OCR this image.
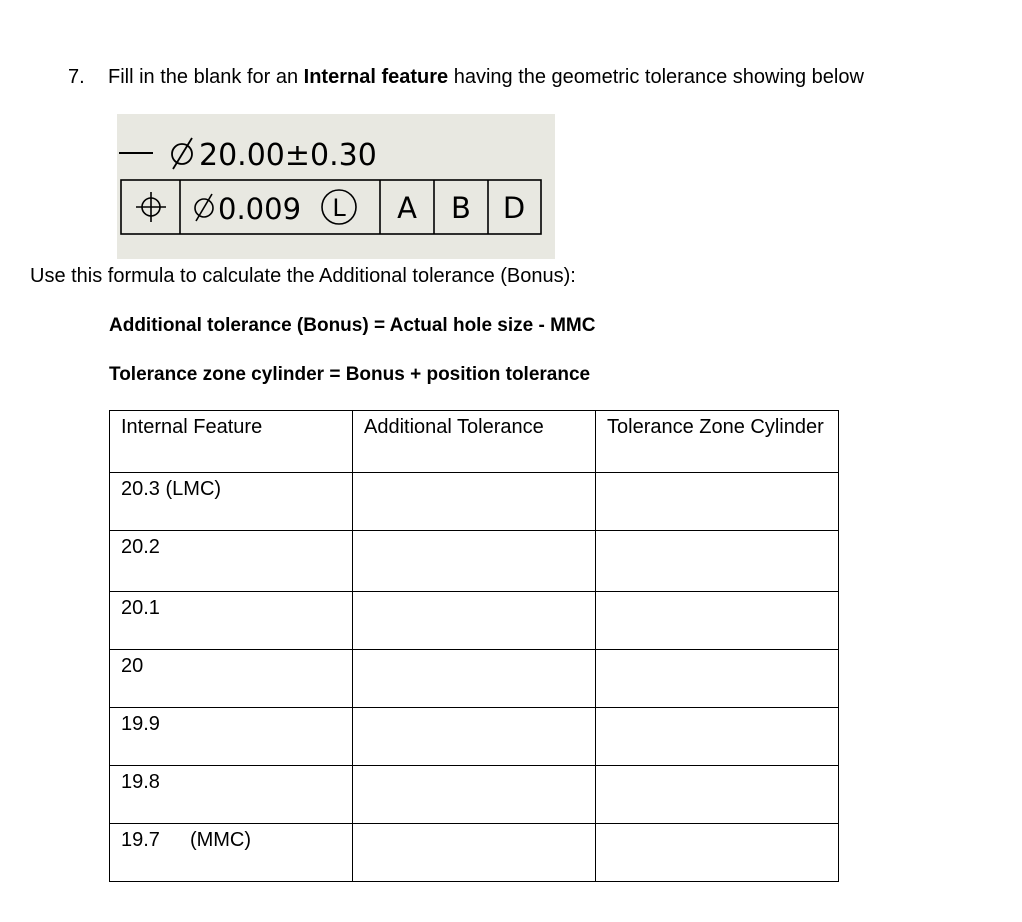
7. Fill in the blank for an Internal feature having the geometric tolerance showing below
20.00±0.30
0.009 L A B D
Use this formula to calculate the Additional tolerance (Bonus):
Additional tolerance (Bonus) = Actual hole size - MMC
Tolerance zone cylinder = Bonus + position tolerance
Internal Feature	Additional Tolerance	Tolerance Zone Cylinder
20.3 (LMC)		
20.2		
20.1		
20		
19.9		
19.8		
19.7 (MMC)		
